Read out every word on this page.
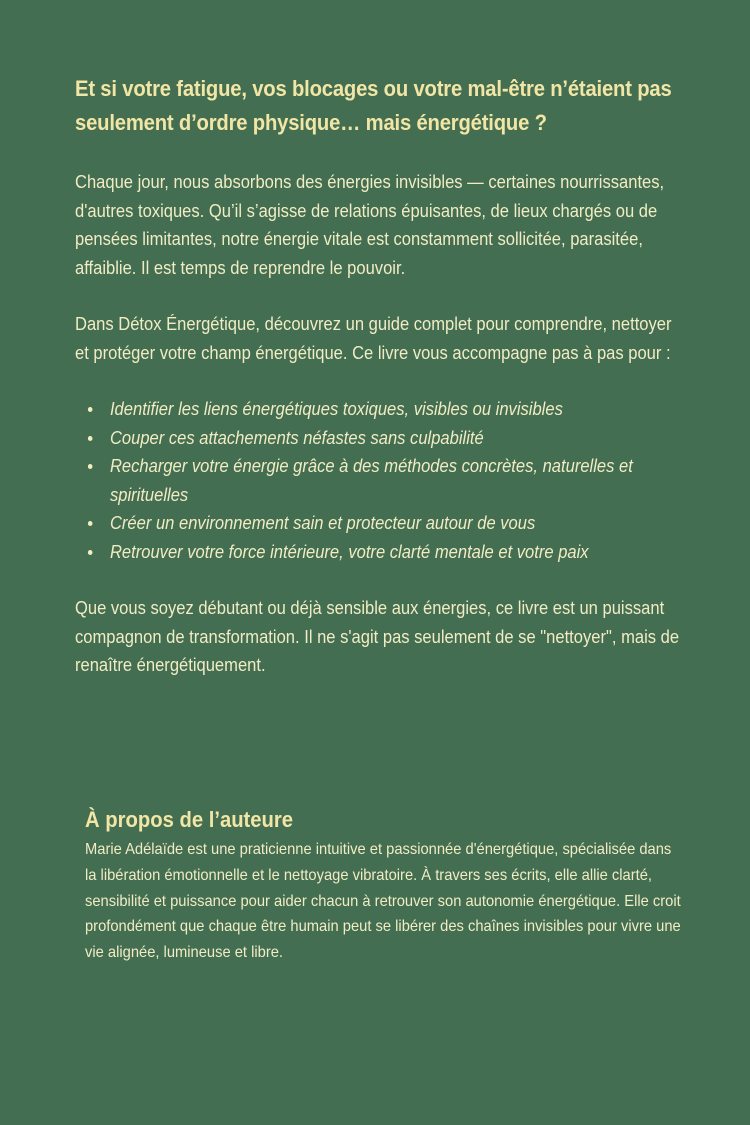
Et si votre fatigue, vos blocages ou votre mal-être n’étaient pas seulement d’ordre physique… mais énergétique ?

Chaque jour, nous absorbons des énergies invisibles — certaines nourrissantes, d'autres toxiques. Qu’il s’agisse de relations épuisantes, de lieux chargés ou de pensées limitantes, notre énergie vitale est constamment sollicitée, parasitée, affaiblie. Il est temps de reprendre le pouvoir.

Dans Détox Énergétique, découvrez un guide complet pour comprendre, nettoyer et protéger votre champ énergétique. Ce livre vous accompagne pas à pas pour :

Identifier les liens énergétiques toxiques, visibles ou invisibles
Couper ces attachements néfastes sans culpabilité
Recharger votre énergie grâce à des méthodes concrètes, naturelles et spirituelles
Créer un environnement sain et protecteur autour de vous
Retrouver votre force intérieure, votre clarté mentale et votre paix

Que vous soyez débutant ou déjà sensible aux énergies, ce livre est un puissant compagnon de transformation. Il ne s'agit pas seulement de se "nettoyer", mais de renaître énergétiquement.

À propos de l’auteure

Marie Adélaïde est une praticienne intuitive et passionnée d'énergétique, spécialisée dans la libération émotionnelle et le nettoyage vibratoire. À travers ses écrits, elle allie clarté, sensibilité et puissance pour aider chacun à retrouver son autonomie énergétique. Elle croit profondément que chaque être humain peut se libérer des chaînes invisibles pour vivre une vie alignée, lumineuse et libre.
